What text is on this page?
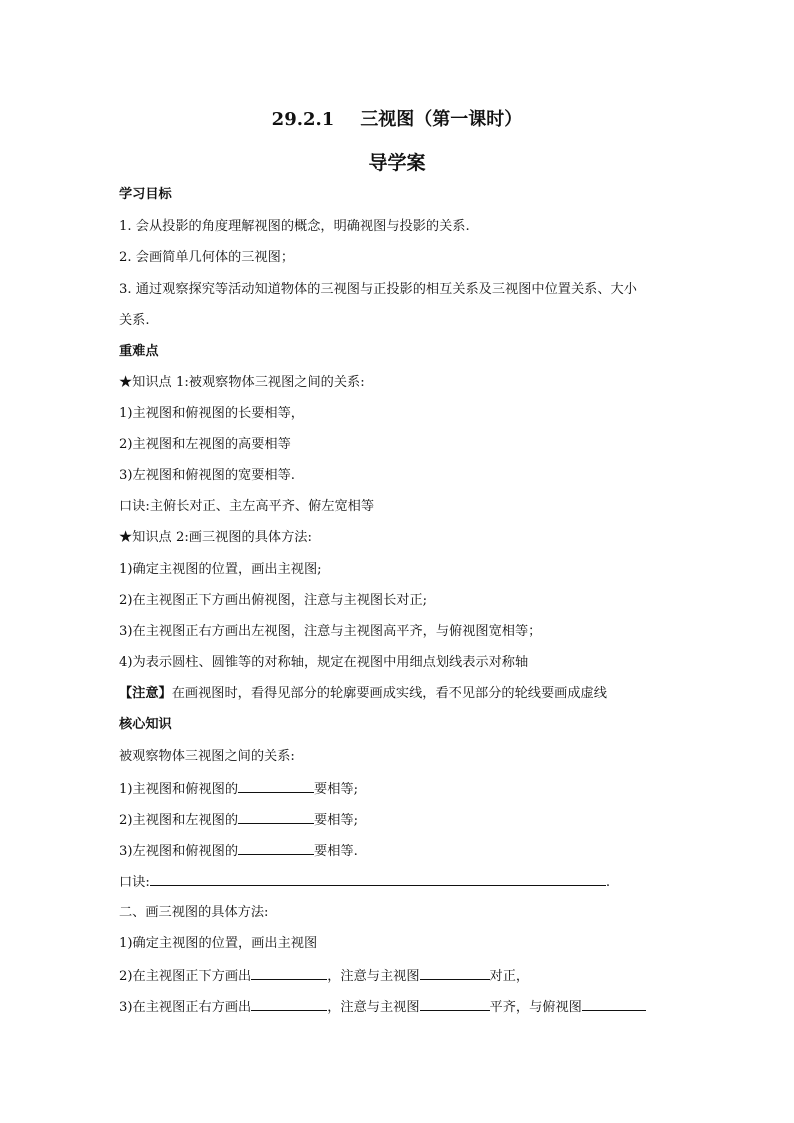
29.2.1 三视图（第一课时）
导学案
学习目标
1. 会从投影的角度理解视图的概念，明确视图与投影的关系.
2. 会画简单几何体的三视图；
3. 通过观察探究等活动知道物体的三视图与正投影的相互关系及三视图中位置关系、大小
关系.
重难点
★知识点 1:被观察物体三视图之间的关系:
1)主视图和俯视图的长要相等，
2)主视图和左视图的高要相等
3)左视图和俯视图的宽要相等.
口诀:主俯长对正、主左高平齐、俯左宽相等
★知识点 2:画三视图的具体方法:
1)确定主视图的位置，画出主视图;
2)在主视图正下方画出俯视图，注意与主视图长对正;
3)在主视图正右方画出左视图，注意与主视图高平齐，与俯视图宽相等；
4)为表示圆柱、圆锥等的对称轴，规定在视图中用细点划线表示对称轴
【注意】在画视图时，看得见部分的轮廓要画成实线，看不见部分的轮线要画成虚线
核心知识
被观察物体三视图之间的关系:
1)主视图和俯视图的	要相等;
2)主视图和左视图的	要相等;
3)左视图和俯视图的	要相等.
口诀:	.
二、画三视图的具体方法:
1)确定主视图的位置，画出主视图
2)在主视图正下方画出	，注意与主视图	对正，
3)在主视图正右方画出	，注意与主视图	平齐，与俯视图
